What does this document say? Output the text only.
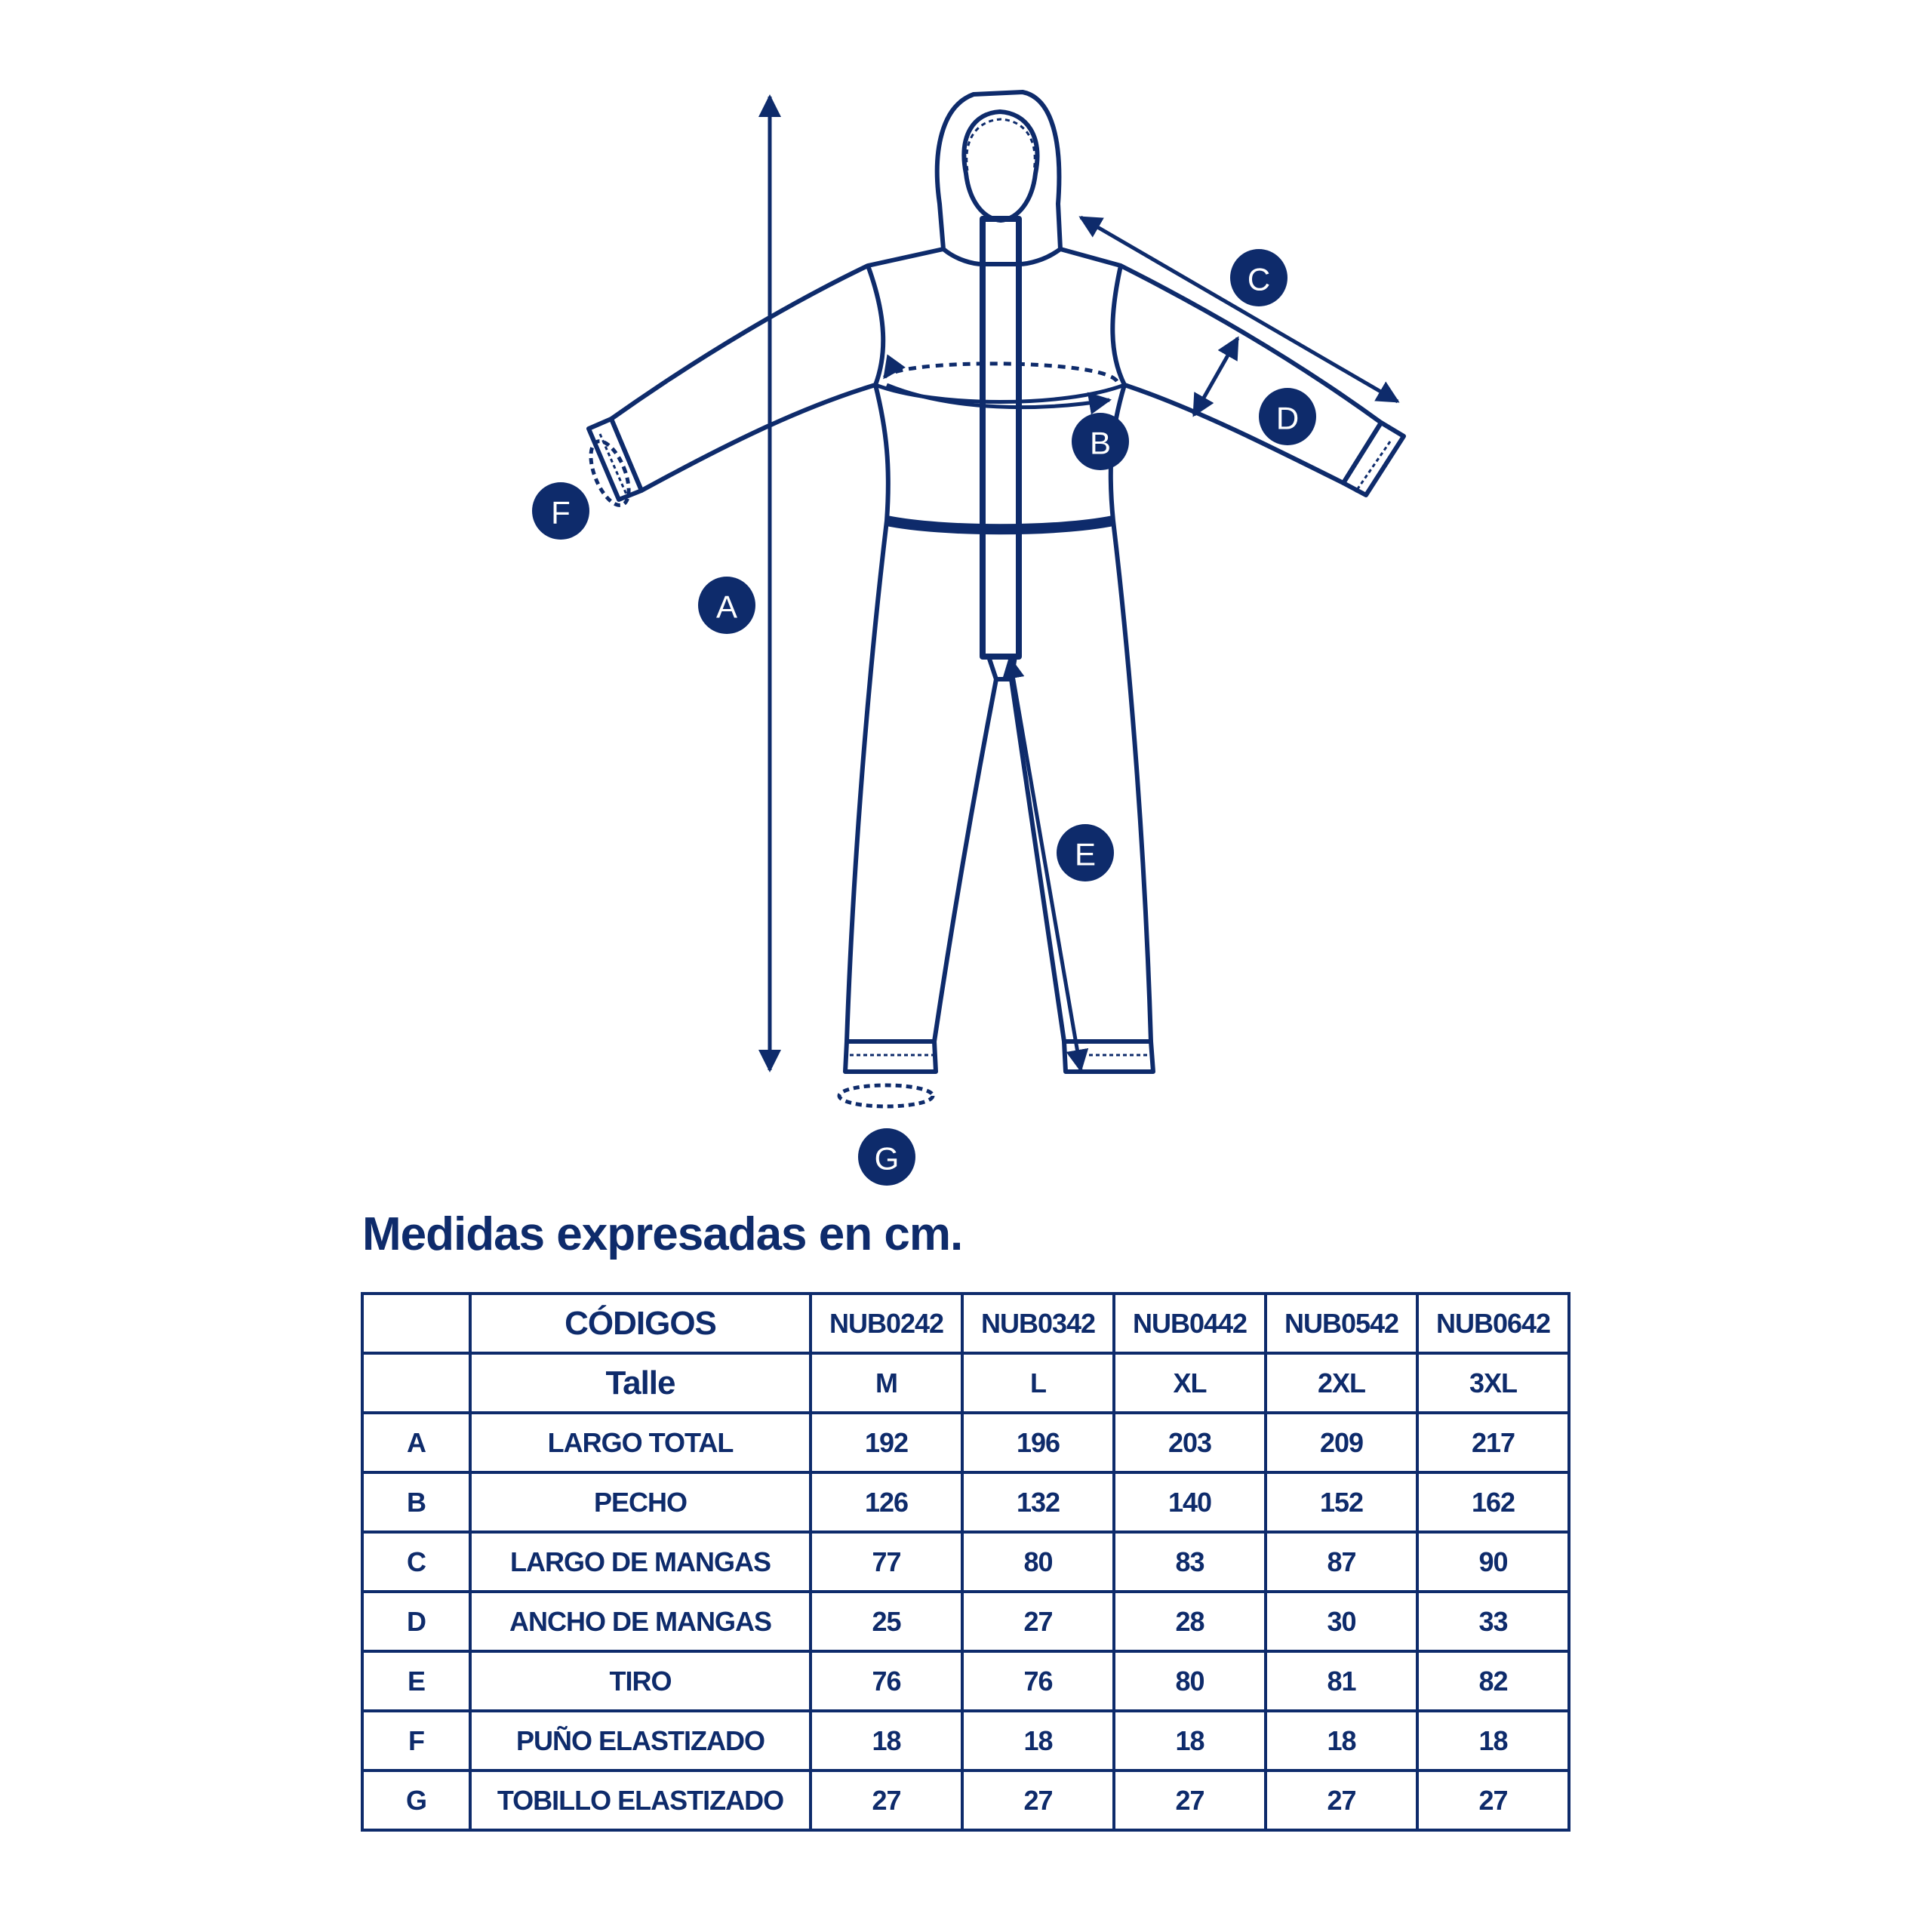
A
B
C
D
E
F
G
Medidas expresadas en cm.
	CÓDIGOS	NUB0242	NUB0342	NUB0442	NUB0542	NUB0642
	Talle	M	L	XL	2XL	3XL
A	LARGO TOTAL	192	196	203	209	217
B	PECHO	126	132	140	152	162
C	LARGO DE MANGAS	77	80	83	87	90
D	ANCHO DE MANGAS	25	27	28	30	33
E	TIRO	76	76	80	81	82
F	PUÑO ELASTIZADO	18	18	18	18	18
G	TOBILLO ELASTIZADO	27	27	27	27	27
